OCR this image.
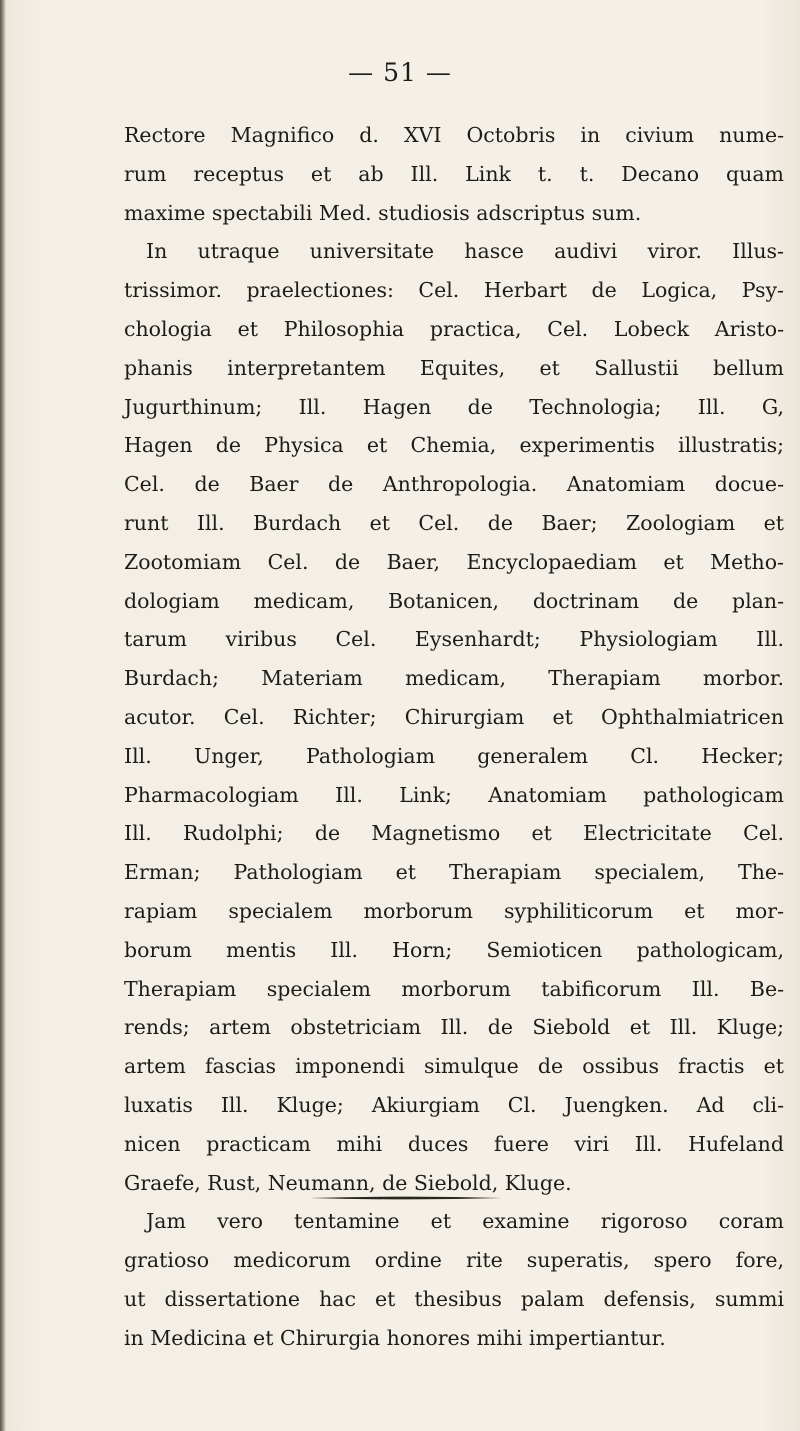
— 51 —
Rectore Magnifico d. XVI Octobris in civium nume-
rum receptus et ab Ill. Link t. t. Decano quam
maxime spectabili Med. studiosis adscriptus sum.
In utraque universitate hasce audivi viror. Illus-
trissimor. praelectiones: Cel. Herbart de Logica, Psy-
chologia et Philosophia practica, Cel. Lobeck Aristo-
phanis interpretantem Equites, et Sallustii bellum
Jugurthinum; Ill. Hagen de Technologia; Ill. G,
Hagen de Physica et Chemia, experimentis illustratis;
Cel. de Baer de Anthropologia. Anatomiam docue-
runt Ill. Burdach et Cel. de Baer; Zoologiam et
Zootomiam Cel. de Baer, Encyclopaediam et Metho-
dologiam medicam, Botanicen, doctrinam de plan-
tarum viribus Cel. Eysenhardt; Physiologiam Ill.
Burdach; Materiam medicam, Therapiam morbor.
acutor. Cel. Richter; Chirurgiam et Ophthalmiatricen
Ill. Unger, Pathologiam generalem Cl. Hecker;
Pharmacologiam Ill. Link; Anatomiam pathologicam
Ill. Rudolphi; de Magnetismo et Electricitate Cel.
Erman; Pathologiam et Therapiam specialem, The-
rapiam specialem morborum syphiliticorum et mor-
borum mentis Ill. Horn; Semioticen pathologicam,
Therapiam specialem morborum tabificorum Ill. Be-
rends; artem obstetriciam Ill. de Siebold et Ill. Kluge;
artem fascias imponendi simulque de ossibus fractis et
luxatis Ill. Kluge; Akiurgiam Cl. Juengken. Ad cli-
nicen practicam mihi duces fuere viri Ill. Hufeland
Graefe, Rust, Neumann, de Siebold, Kluge.
Jam vero tentamine et examine rigoroso coram
gratioso medicorum ordine rite superatis, spero fore,
ut dissertatione hac et thesibus palam defensis, summi
in Medicina et Chirurgia honores mihi impertiantur.
